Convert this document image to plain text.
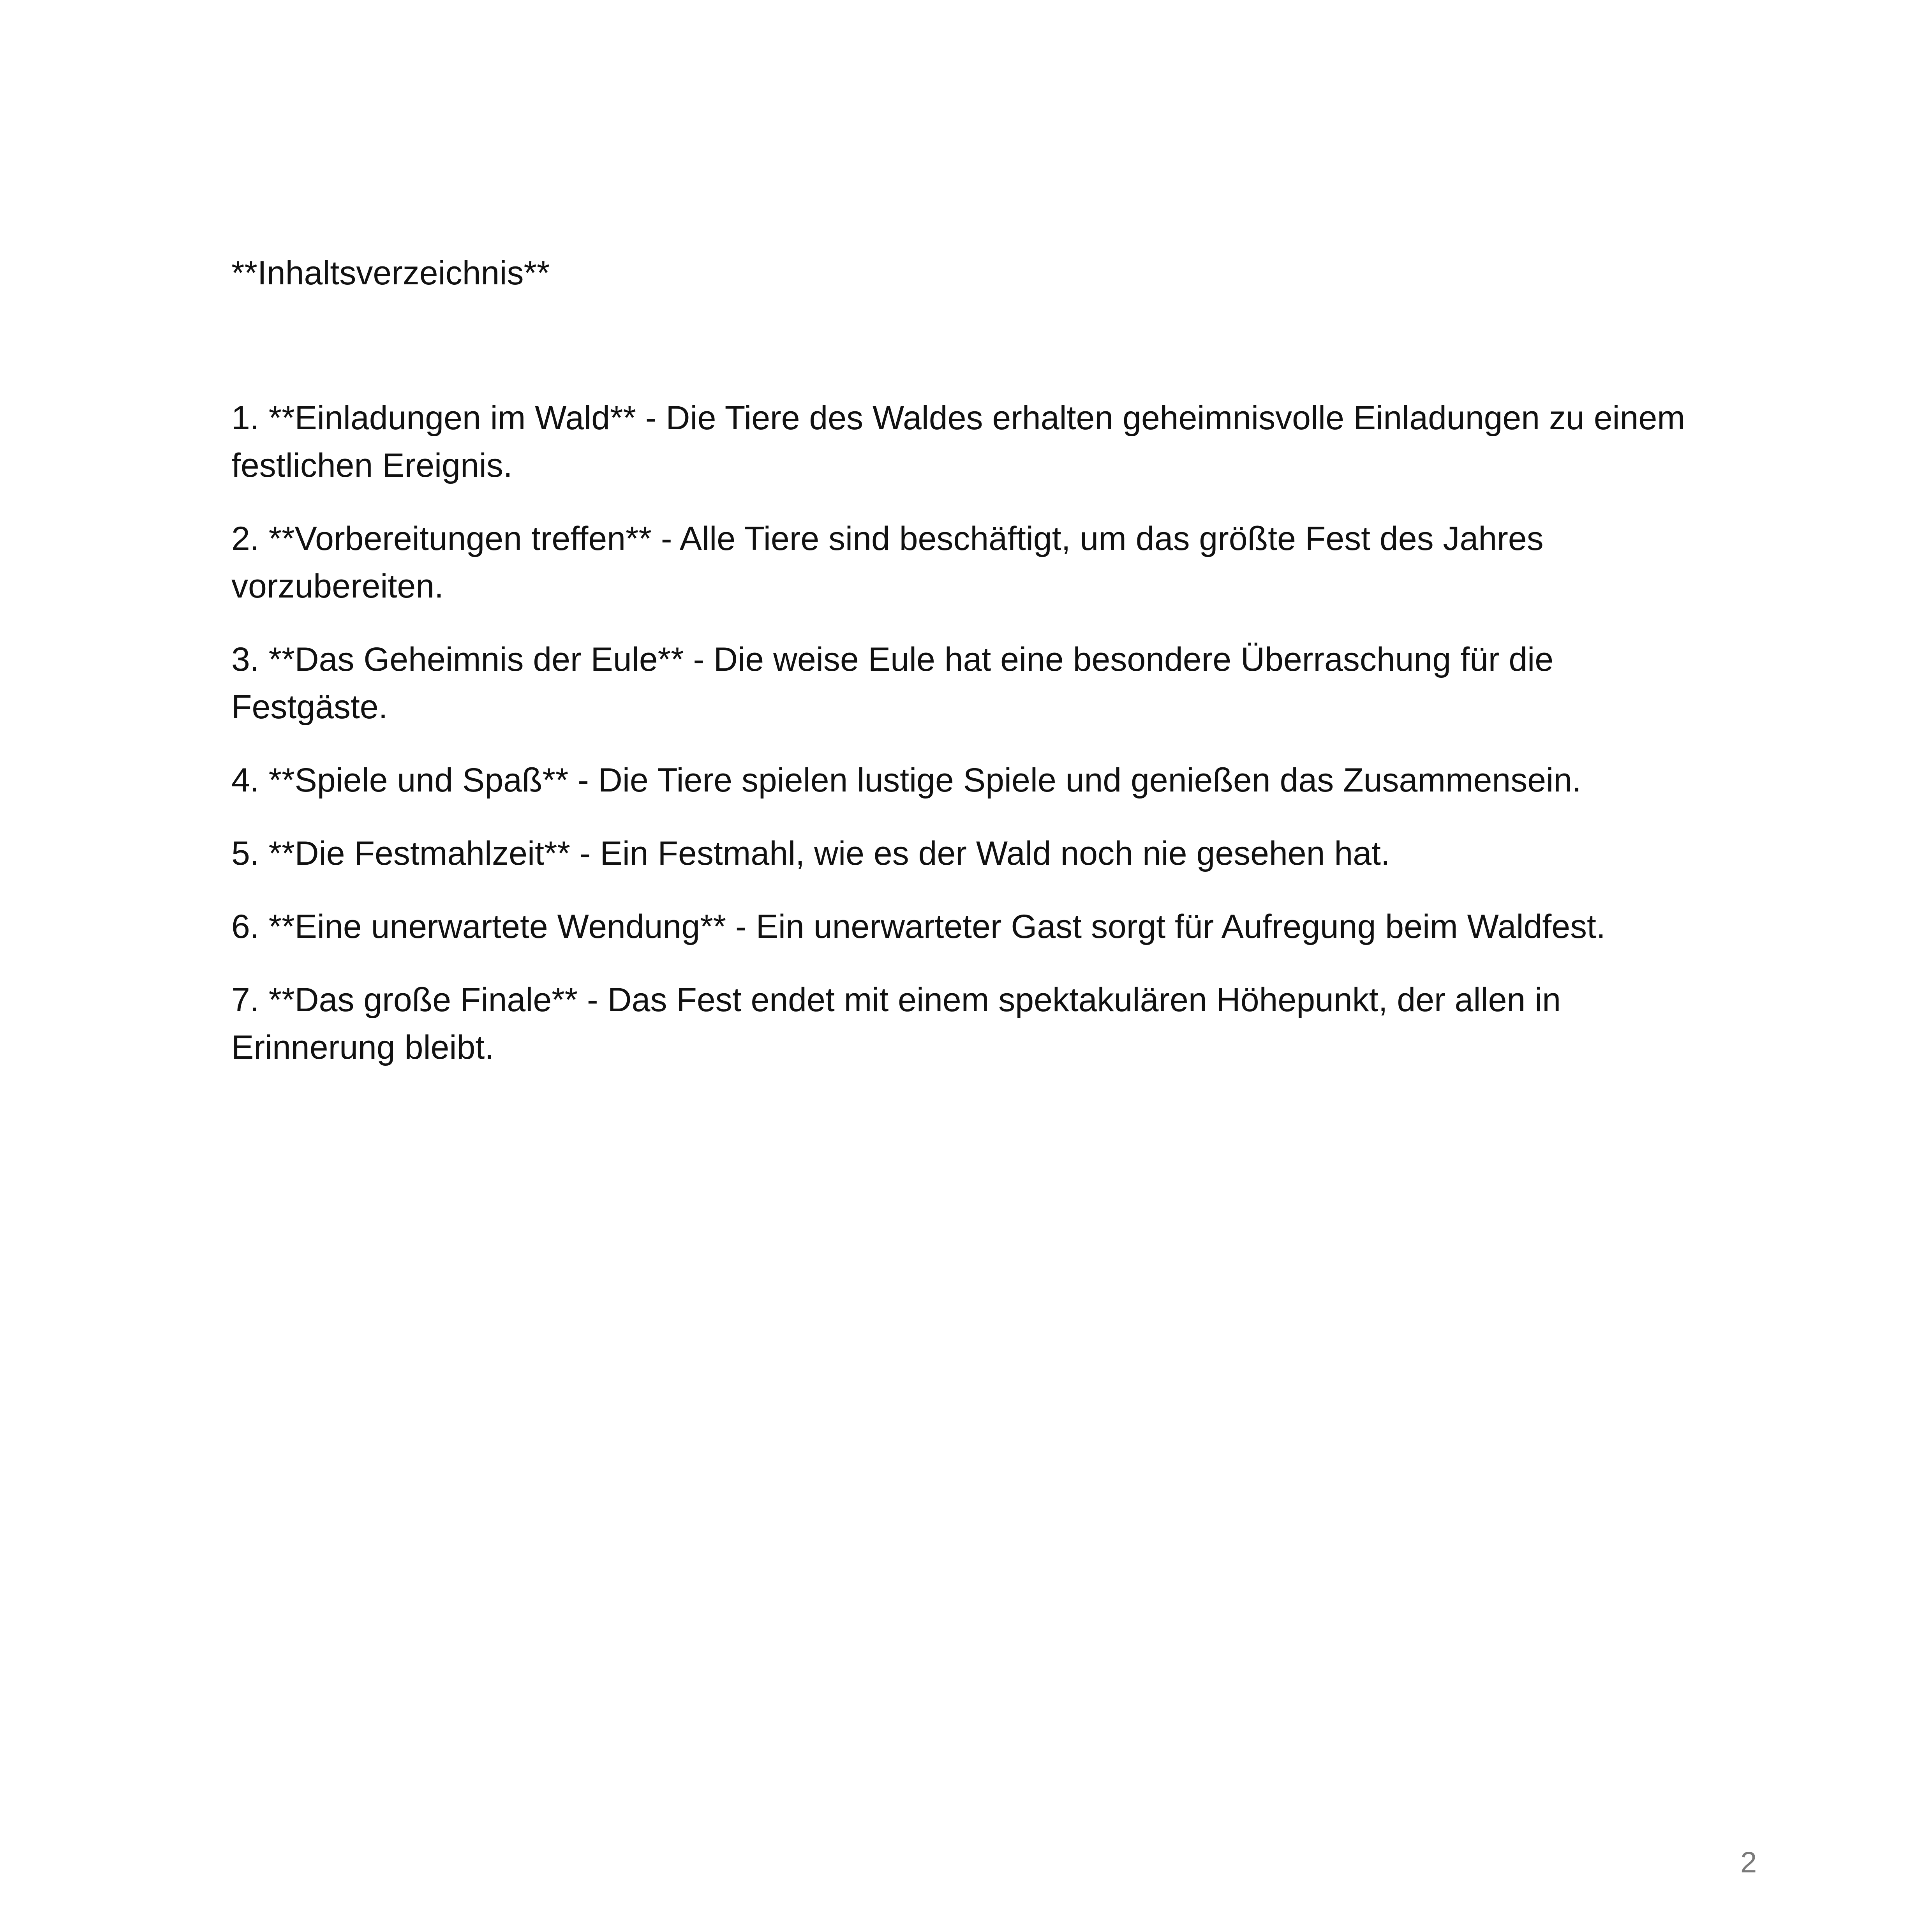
**Inhaltsverzeichnis**
1. **Einladungen im Wald** - Die Tiere des Waldes erhalten geheimnisvolle Einladungen zu einem festlichen Ereignis.
2. **Vorbereitungen treffen** - Alle Tiere sind beschäftigt, um das größte Fest des Jahres vorzubereiten.
3. **Das Geheimnis der Eule** - Die weise Eule hat eine besondere Überraschung für die Festgäste.
4. **Spiele und Spaß** - Die Tiere spielen lustige Spiele und genießen das Zusammensein.
5. **Die Festmahlzeit** - Ein Festmahl, wie es der Wald noch nie gesehen hat.
6. **Eine unerwartete Wendung** - Ein unerwarteter Gast sorgt für Aufregung beim Waldfest.
7. **Das große Finale** - Das Fest endet mit einem spektakulären Höhepunkt, der allen in Erinnerung bleibt.
2
